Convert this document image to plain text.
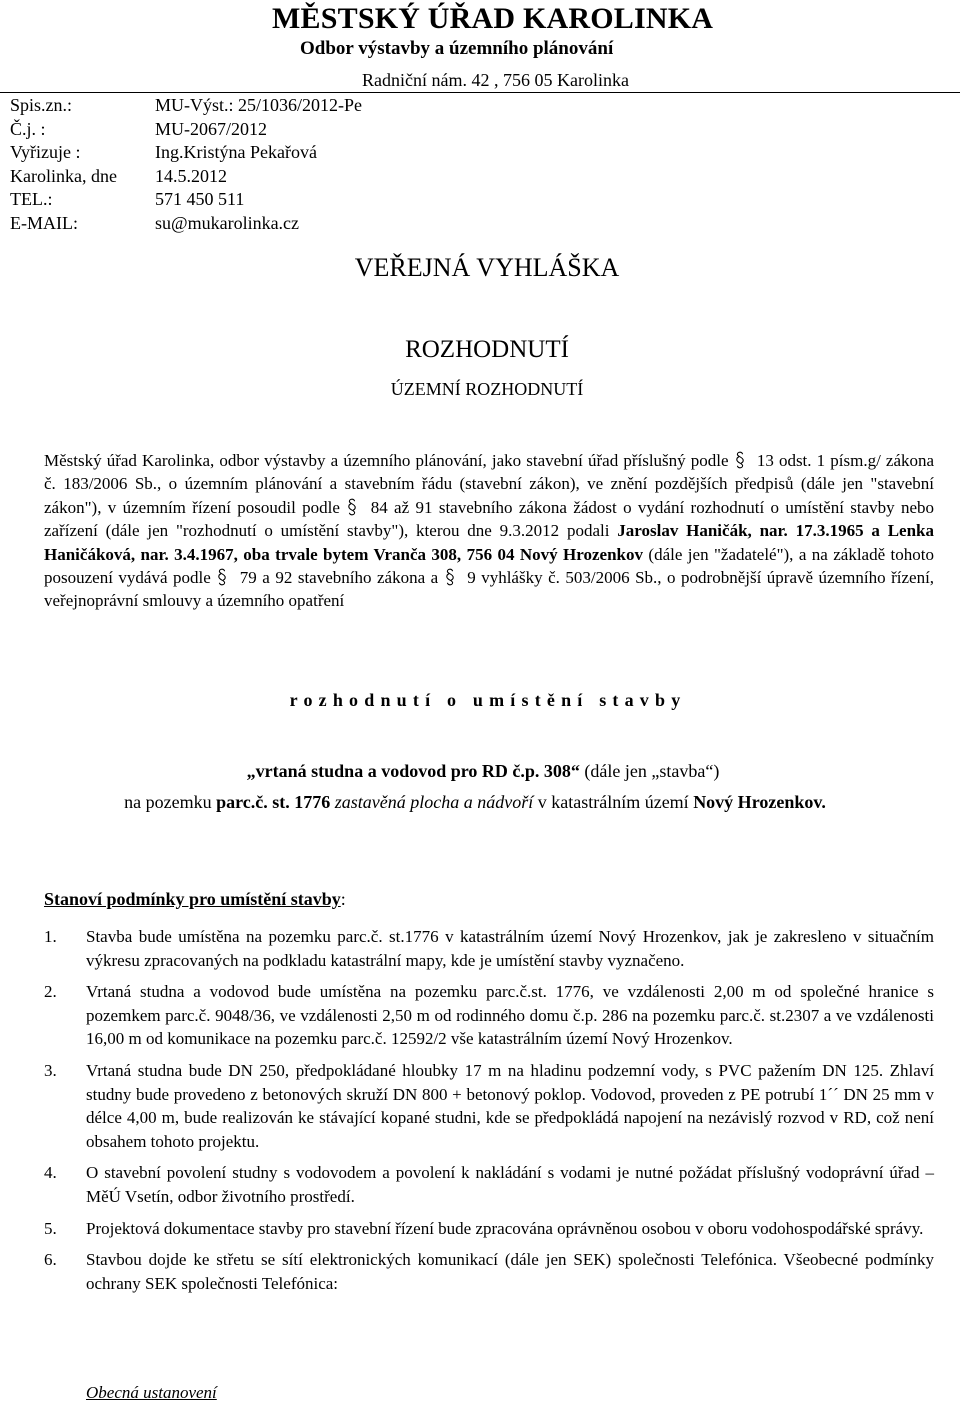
MĚSTSKÝ ÚŘAD KAROLINKA
Odbor výstavby a územního plánování
Radniční nám. 42 , 756 05 Karolinka
Spis.zn.:	MU-Výst.: 25/1036/2012-Pe
Č.j. :	MU-2067/2012
Vyřizuje :	Ing.Kristýna Pekařová
Karolinka, dne	14.5.2012
TEL.:	571 450 511
E-MAIL:	su@mukarolinka.cz
VEŘEJNÁ VYHLÁŠKA
ROZHODNUTÍ
ÚZEMNÍ ROZHODNUTÍ
Městský úřad Karolinka, odbor výstavby a územního plánování, jako stavební úřad příslušný podle 13 odst. 1 písm.g/ zákona č. 183/2006 Sb., o územním plánování a stavebním řádu (stavební zákon), ve znění pozdějších předpisů (dále jen "stavební zákon"), v územním řízení posoudil podle 84 až 91 stavebního zákona žádost o vydání rozhodnutí o umístění stavby nebo zařízení (dále jen "rozhodnutí o umístění stavby"), kterou dne 9.3.2012 podali Jaroslav Haničák, nar. 17.3.1965 a Lenka Haničáková, nar. 3.4.1967, oba trvale bytem Vranča 308, 756 04 Nový Hrozenkov (dále jen "žadatelé"), a na základě tohoto posouzení vydává podle 79 a 92 stavebního zákona a 9 vyhlášky č. 503/2006 Sb., o podrobnější úpravě územního řízení, veřejnoprávní smlouvy a územního opatření
rozhodnutí o umístění stavby
„vrtaná studna a vodovod pro RD č.p. 308“ (dále jen „stavba“)
na pozemku parc.č. st. 1776 zastavěná plocha a nádvoří v katastrálním území Nový Hrozenkov.
Stanoví podmínky pro umístění stavby:
1.	Stavba bude umístěna na pozemku parc.č. st.1776 v katastrálním území Nový Hrozenkov, jak je zakresleno v situačním výkresu zpracovaných na podkladu katastrální mapy, kde je umístění stavby vyznačeno.
2.	Vrtaná studna a vodovod bude umístěna na pozemku parc.č.st. 1776, ve vzdálenosti 2,00 m od společné hranice s pozemkem parc.č. 9048/36, ve vzdálenosti 2,50 m od rodinného domu č.p. 286 na pozemku parc.č. st.2307 a ve vzdálenosti 16,00 m od komunikace na pozemku parc.č. 12592/2 vše katastrálním území Nový Hrozenkov.
3.	Vrtaná studna bude DN 250, předpokládané hloubky 17 m na hladinu podzemní vody, s PVC pažením DN 125. Zhlaví studny bude provedeno z betonových skruží DN 800 + betonový poklop. Vodovod, proveden z PE potrubí 1´´ DN 25 mm v délce 4,00 m, bude realizován ke stávající kopané studni, kde se předpokládá napojení na nezávislý rozvod v RD, což není obsahem tohoto projektu.
4.	O stavební povolení studny s vodovodem a povolení k nakládání s vodami je nutné požádat příslušný vodoprávní úřad – MěÚ Vsetín, odbor životního prostředí.
5.	Projektová dokumentace stavby pro stavební řízení bude zpracována oprávněnou osobou v oboru vodohospodářské správy.
6.	Stavbou dojde ke střetu se sítí elektronických komunikací (dále jen SEK) společnosti Telefónica. Všeobecné podmínky ochrany SEK společnosti Telefónica:
Obecná ustanovení
